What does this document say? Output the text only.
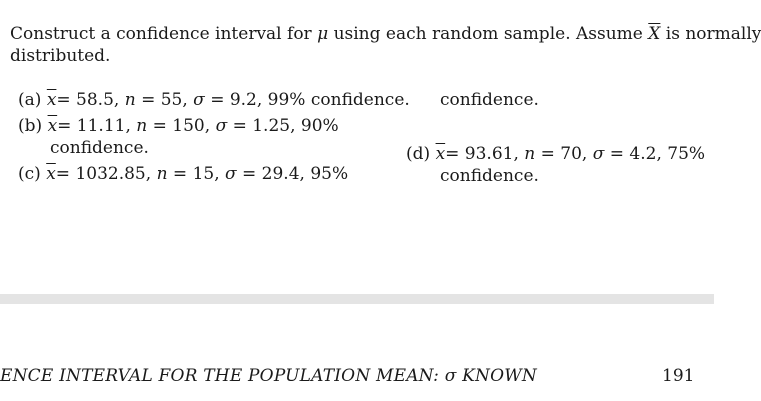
Construct a confidence interval for μ using each random sample. Assume $\overline{X}$ is normally
distributed.
(a) $\overline{x}= 58.5$, n = 55, σ = 9.2, 99% confidence.
(b) $\overline{x}= 11.11$, n = 150, σ = 1.25, 90%
confidence.
(c) $\overline{x}= 1032.85$, n = 15, σ = 29.4, 95%
confidence.
(d) $\overline{x}= 93.61$, n = 70, σ = 4.2, 75%
confidence.
ENCE INTERVAL FOR THE POPULATION MEAN: σ KNOWN	191
